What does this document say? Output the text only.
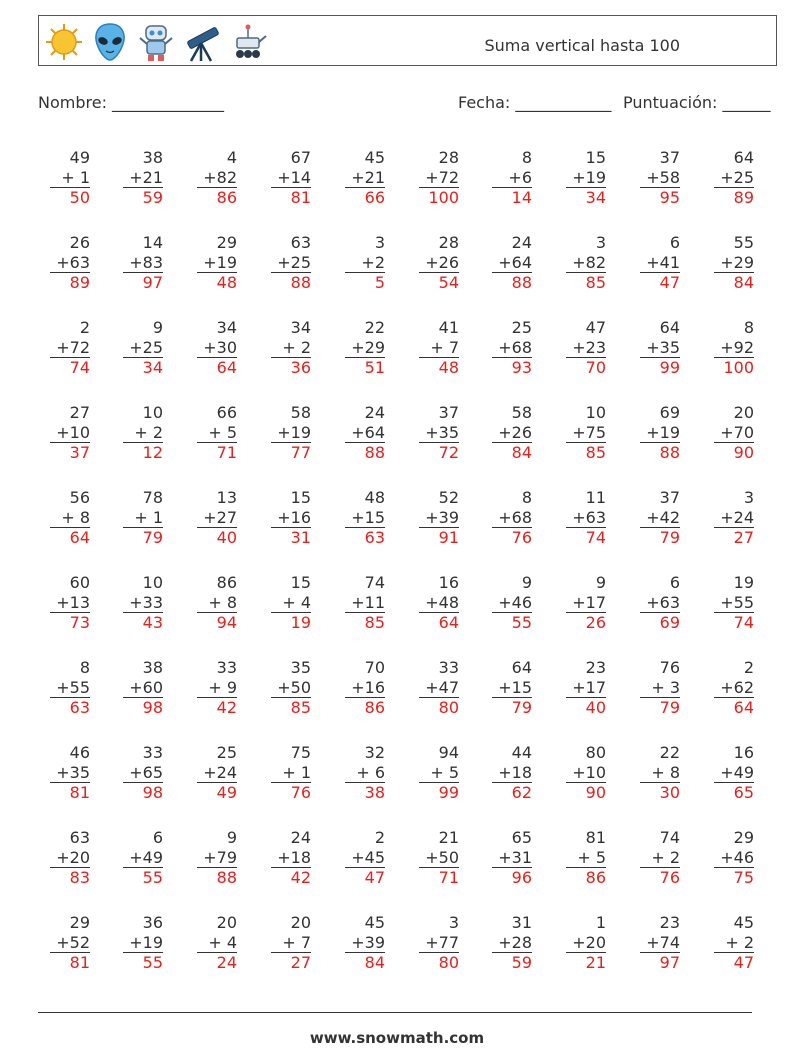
Suma vertical hasta 100
Nombre: ______________	Fecha: ____________ Puntuación: ______
49
+ 1
50
38
+21
59
4
+82
86
67
+14
81
45
+21
66
28
+72
100
8
+6
14
15
+19
34
37
+58
95
64
+25
89
26
+63
89
14
+83
97
29
+19
48
63
+25
88
3
+2
5
28
+26
54
24
+64
88
3
+82
85
6
+41
47
55
+29
84
2
+72
74
9
+25
34
34
+30
64
34
+ 2
36
22
+29
51
41
+ 7
48
25
+68
93
47
+23
70
64
+35
99
8
+92
100
27
+10
37
10
+ 2
12
66
+ 5
71
58
+19
77
24
+64
88
37
+35
72
58
+26
84
10
+75
85
69
+19
88
20
+70
90
56
+ 8
64
78
+ 1
79
13
+27
40
15
+16
31
48
+15
63
52
+39
91
8
+68
76
11
+63
74
37
+42
79
3
+24
27
60
+13
73
10
+33
43
86
+ 8
94
15
+ 4
19
74
+11
85
16
+48
64
9
+46
55
9
+17
26
6
+63
69
19
+55
74
8
+55
63
38
+60
98
33
+ 9
42
35
+50
85
70
+16
86
33
+47
80
64
+15
79
23
+17
40
76
+ 3
79
2
+62
64
46
+35
81
33
+65
98
25
+24
49
75
+ 1
76
32
+ 6
38
94
+ 5
99
44
+18
62
80
+10
90
22
+ 8
30
16
+49
65
63
+20
83
6
+49
55
9
+79
88
24
+18
42
2
+45
47
21
+50
71
65
+31
96
81
+ 5
86
74
+ 2
76
29
+46
75
29
+52
81
36
+19
55
20
+ 4
24
20
+ 7
27
45
+39
84
3
+77
80
31
+28
59
1
+20
21
23
+74
97
45
+ 2
47
www.snowmath.com
